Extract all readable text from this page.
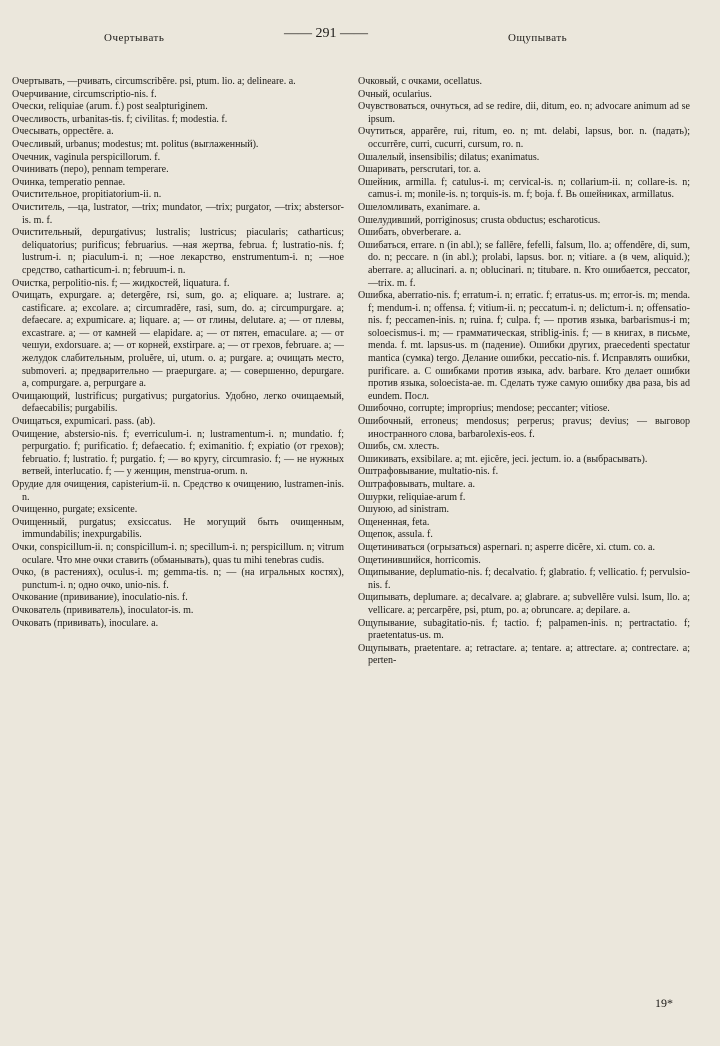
Очертывать	—— 291 ——	Ощупывать

Очертывать, —рчивать, circumscribĕre. psi, ptum. lio. a; delineare. a.

Очерчивание, circumscriptio-nis. f.

Очески, reliquiae (arum. f.) post sealpturiginem.

Очесливость, urbanitas-tis. f; civilitas. f; modestia. f.

Очесывать, oppectĕre. a.

Очесливый, urbanus; modestus; mt. politus (выглаженный).

Очечник, vaginula perspicillorum. f.

Очинивать (перо), pennam temperare.

Очинка, temperatio pennae.

Очистительное, propitiatorium-ii. n.

Очиститель, —ца, lustrator, —trix; mundator, —trix; purgator, —trix; abstersor-is. m. f.

Очистительный, depurgativus; lustralis; lustricus; piacularis; catharticus; deliquatorius; purificus; februarius. —ная жертва, februa. f; lustratio-nis. f; lustrum-i. n; piaculum-i. n; —ное лекарство, enstrumentum-i. n; —ное средство, catharticum-i. n; februum-i. n.

Очистка, perpolitio-nis. f; — жидкостей, liquatura. f.

Очищать, expurgare. a; detergĕre, rsi, sum, go. a; eliquare. a; lustrare. a; castificare. a; excolare. a; circumradĕre, rasi, sum, do. a; circumpurgare. a; defaecare. a; expumicare. a; liquare. a; — от глины, delutare. a; — от плевы, excastrare. a; — от камней — elapidare. a; — от пятен, emaculare. a; — от чешуи, exdorsuare. a; — от корней, exstirpare. a; — от грехов, februare. a; — желудок слабительным, proluĕre, ui, utum. o. a; purgare. a; очищать место, submoveri. a; предварительно — praepurgare. a; — совершенно, depurgare. a, compurgare. a, perpurgare a.

Очищающий, lustrificus; purgativus; purgatorius. Удобно, легко очищаемый, defaecabilis; purgabilis.

Очищаться, expumicari. pass. (ab).

Очищение, abstersio-nis. f; everriculum-i. n; lustramentum-i. n; mundatio. f; perpurgatio. f; purificatio. f; defaecatio. f; eximanitio. f; expiatio (от грехов); februatio. f; lustratio. f; purgatio. f; — во кругу, circumrasio. f; — не нужных ветвей, interlucatio. f; — у женщин, menstrua-orum. n.

Орудие для очищения, capisterium-ii. n. Средство к очищению, lustramen-inis. n.

Очищенно, purgate; exsicente.

Очищенный, purgatus; exsiccatus. Не могущий быть очищенным, immundabilis; inexpurgabilis.

Очки, conspicillum-ii. n; conspicillum-i. n; specillum-i. n; perspicillum. n; vitrum oculare. Что мне очки ставить (обманывать), quas tu mihi tenebras cudis.

Очко, (в растениях), oculus-i. m; gemma-tis. n; — (на игральных костях), punctum-i. n; одно очко, unio-nis. f.

Очкование (прививание), inoculatio-nis. f.

Очкователь (прививатель), inoculator-is. m.

Очковать (прививать), inoculare. a.

Очковый, с очками, ocellatus.

Очный, ocularius.

Очувствоваться, очнуться, ad se redire, dii, ditum, eo. n; advocare animum ad se ipsum.

Очутиться, apparĕre, rui, ritum, eo. n; mt. delabi, lapsus, bor. n. (падать); occurrĕre, curri, cucurri, cursum, ro. n.

Ошалелый, insensibilis; dilatus; exanimatus.

Ошаривать, perscrutari, tor. a.

Ошейник, armilla. f; catulus-i. m; cervical-is. n; collarium-ii. n; collare-is. n; camus-i. m; monile-is. n; torquis-is. m. f; boja. f. Вь ошейниках, armillatus.

Ошеломливать, exanimare. a.

Ошелудивший, porriginosus; crusta obductus; escharoticus.

Ошибать, obverberare. a.

Ошибаться, errare. n (in abl.); se fallĕre, fefelli, falsum, llo. a; offendĕre, di, sum, do. n; peccare. n (in abl.); prolabi, lapsus. bor. n; vitiare. a (в чем, aliquid.); aberrare. a; allucinari. a. n; oblucinari. n; titubare. n. Кто ошибается, peccator, —trix. m. f.

Ошибка, aberratio-nis. f; erratum-i. n; erratic. f; erratus-us. m; error-is. m; menda. f; mendum-i. n; offensa. f; vitium-ii. n; peccatum-i. n; delictum-i. n; offensatio-nis. f; peccamen-inis. n; ruina. f; culpa. f; — против языка, barbarismus-i m; soloecismus-i. m; — грамматическая, striblig-inis. f; — в книгах, в письме, menda. f. mt. lapsus-us. m (падение). Ошибки других, praecedenti spectatur mantica (сумка) tergo. Делание ошибки, peccatio-nis. f. Исправлять ошибки, purificare. a. С ошибками против языка, adv. barbare. Кто делает ошибки против языка, soloecista-ae. m. Сделать туже самую ошибку два раза, bis ad eundem. Посл.

Ошибочно, corrupte; improprius; mendose; peccanter; vitiose.

Ошибочный, erroneus; mendosus; perperus; pravus; devius; — выговор иностранного слова, barbarolexis-eos. f.

Ошибь, см. хлесть.

Ошикивать, exsibilare. a; mt. ejicĕre, jeci. jectum. io. a (выбрасывать).

Оштрафовывание, multatio-nis. f.

Оштрафовывать, multare. a.

Ошурки, reliquiae-arum f.

Ошуюю, ad sinistram.

Ощененная, feta.

Ощепок, assula. f.

Ощетиниваться (огрызаться) aspernari. n; asperre dicĕre, xi. ctum. co. a.

Ощетинившийся, horricomis.

Ощипывание, deplumatio-nis. f; decalvatio. f; glabratio. f; vellicatio. f; pervulsio-nis. f.

Ощипывать, deplumare. a; decalvare. a; glabrare. a; subvellĕre vulsi. lsum, llo. a; vellicare. a; percarpĕre, psi, ptum, po. a; obruncare. a; depilare. a.

Ощупывание, subagitatio-nis. f; tactio. f; palpamen-inis. n; pertractatio. f; praetentatus-us. m.

Ощупывать, praetentare. a; retractare. a; tentare. a; attrectare. a; contrectare. a; perten-

19*
